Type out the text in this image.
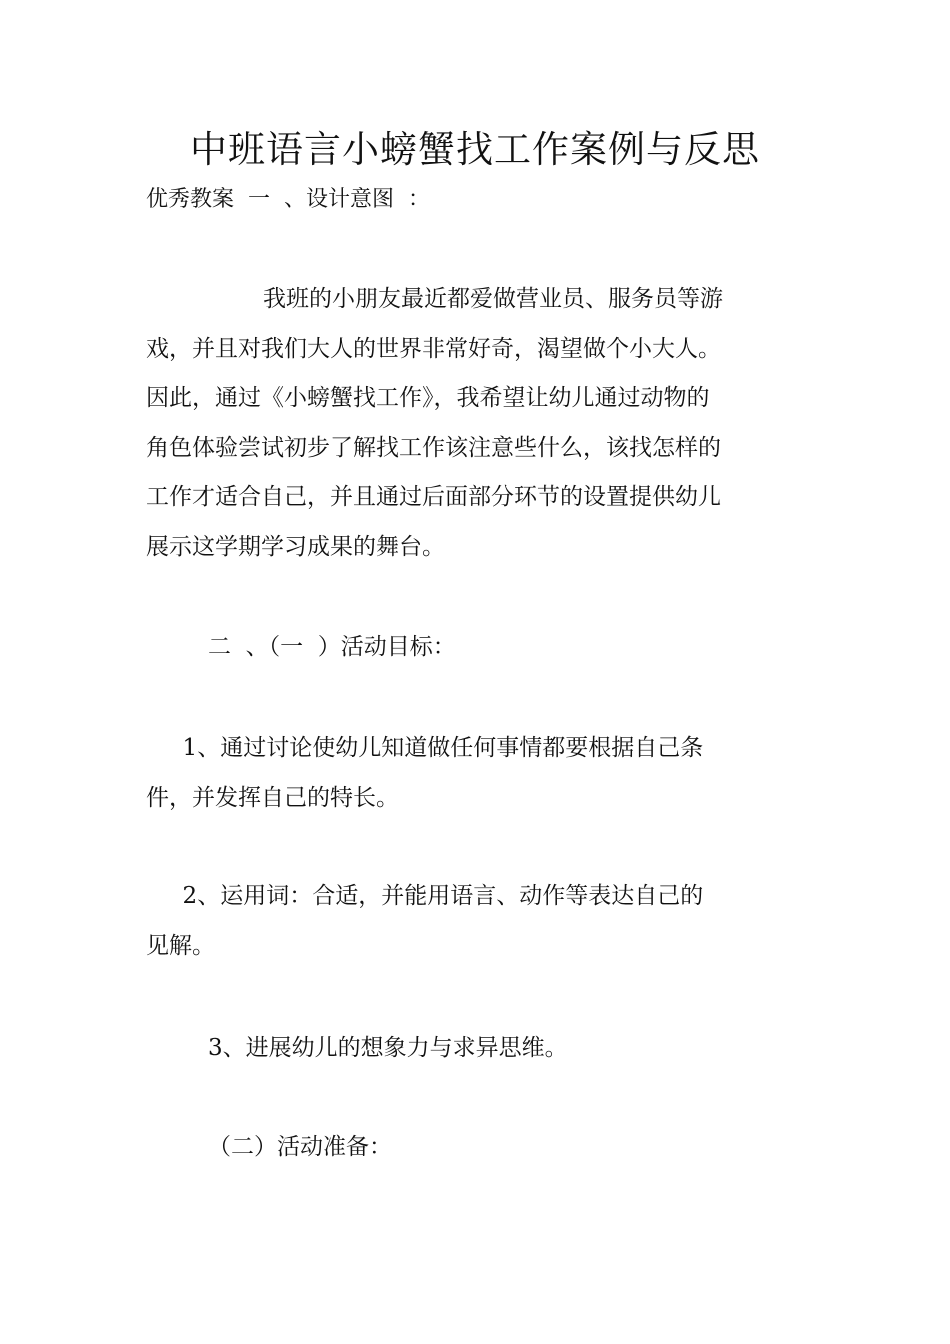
中班语言小螃蟹找工作案例与反思
优秀教案  一  、设计意图  ：
我班的小朋友最近都爱做营业员、服务员等游
戏，并且对我们大人的世界非常好奇，渴望做个小大人。
因此，通过《小螃蟹找工作》，我希望让幼儿通过动物的
角色体验尝试初步了解找工作该注意些什么，该找怎样的
工作才适合自己，并且通过后面部分环节的设置提供幼儿
展示这学期学习成果的舞台。
二  、（一  ）活动目标：
1、通过讨论使幼儿知道做任何事情都要根据自己条
件，并发挥自己的特长。
2、运用词：合适，并能用语言、动作等表达自己的
见解。
3、进展幼儿的想象力与求异思维。
（二）活动准备：
